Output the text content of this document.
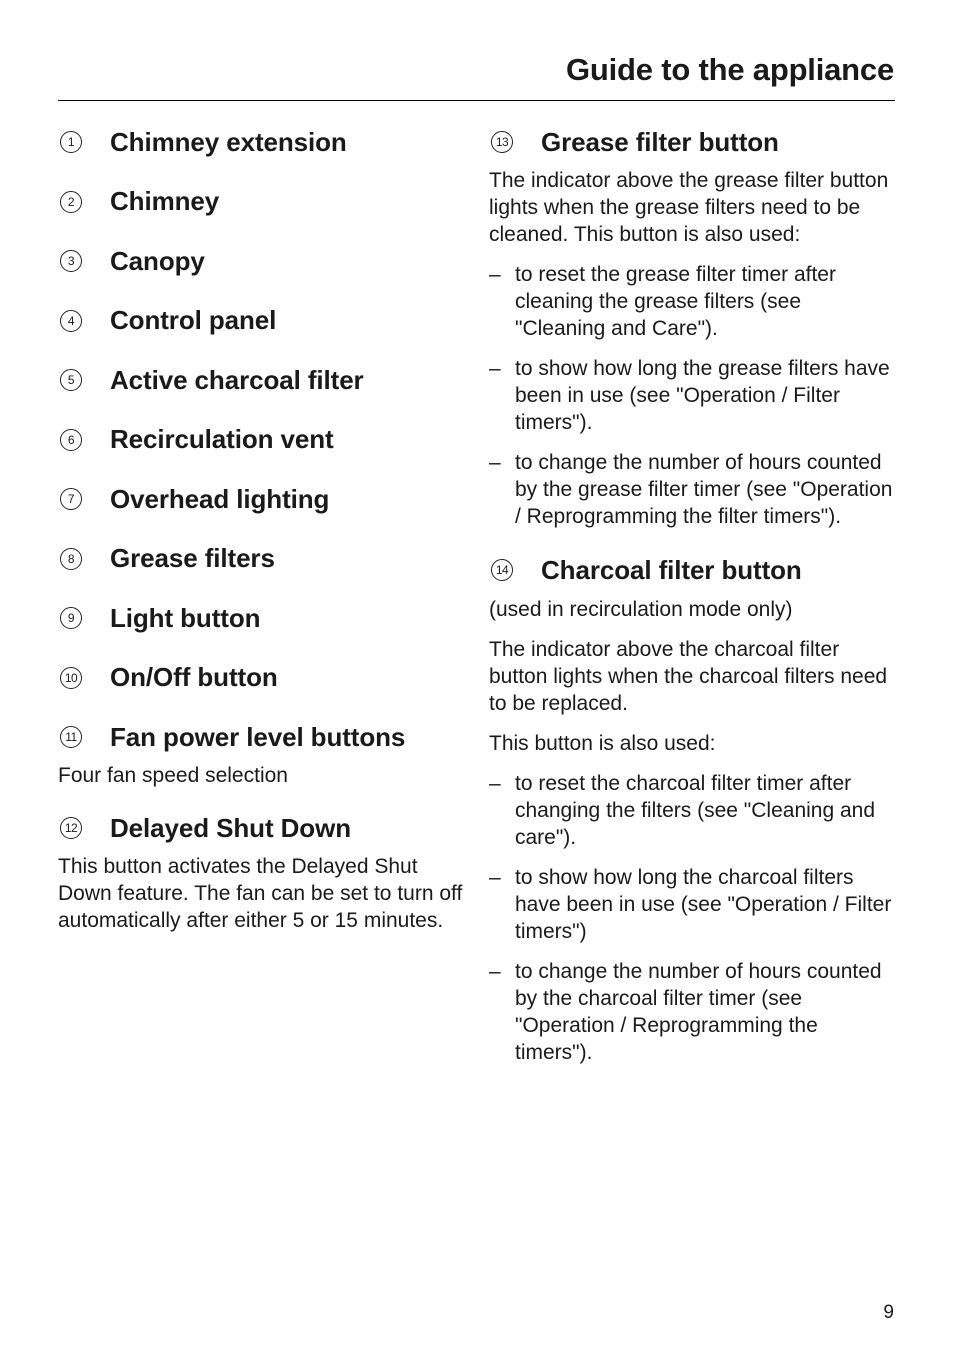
Guide to the appliance
1	Chimney extension
2	Chimney
3	Canopy
4	Control panel
5	Active charcoal filter
6	Recirculation vent
7	Overhead lighting
8	Grease filters
9	Light button
10 On/Off button
11 Fan power level buttons

Four fan speed selection

12 Delayed Shut Down

This button activates the Delayed Shut Down feature. The fan can be set to turn off automatically after either 5 or 15 minutes.

13 Grease filter button

The indicator above the grease filter button lights when the grease filters need to be cleaned. This button is also used:

– to reset the grease filter timer after cleaning the grease filters (see "Cleaning and Care").
– to show how long the grease filters have been in use (see "Operation / Filter timers").
– to change the number of hours counted by the grease filter timer (see "Operation / Reprogramming the filter timers").
14 Charcoal filter button

(used in recirculation mode only)

The indicator above the charcoal filter button lights when the charcoal filters need to be replaced.

This button is also used:

– to reset the charcoal filter timer after changing the filters (see "Cleaning and care").
– to show how long the charcoal filters have been in use (see "Operation / Filter timers")
– to change the number of hours counted by the charcoal filter timer (see "Operation / Reprogramming the timers").
9
